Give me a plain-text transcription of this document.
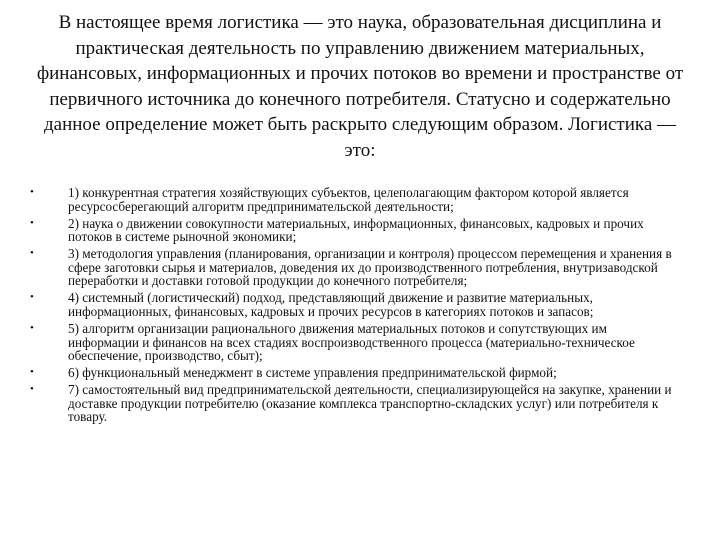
В настоящее время логистика — это наука, образовательная дисциплина и практическая деятельность по управлению движением материальных, финансовых, информационных и прочих потоков во времени и пространстве от первичного источника до конечного потребителя. Статусно и содержательно данное определение может быть раскрыто следующим образом. Логистика — это:
•	1) конкурентная стратегия хозяйствующих субъектов, целеполагающим фактором которой является ресурсосберегающий алгоритм предпринимательской деятельности;
•	2) наука о движении совокупности материальных, информационных, финансовых, кадровых и прочих потоков в системе рыночной экономики;
•	3) методология управления (планирования, организации и контроля) процессом перемещения и хранения в сфере заготовки сырья и материалов, доведения их до производственного потребления, внутризаводской переработки и доставки готовой продукции до конечного потребителя;
•	4) системный (логистический) подход, представляющий движение и развитие материальных, информационных, финансовых, кадровых и прочих ресурсов в категориях потоков и запасов;
•	5) алгоритм организации рационального движения материальных потоков и сопутствующих им информации и финансов на всех стадиях воспроизводственного процесса (материально-техническое обеспечение, производство, сбыт);
•	6) функциональный менеджмент в системе управления предпринимательской фирмой;
•	7) самостоятельный вид предпринимательской деятельности, специализирующейся на закупке, хранении и доставке продукции потребителю (оказание комплекса транспортно-складских услуг) или потребителя к товару.
